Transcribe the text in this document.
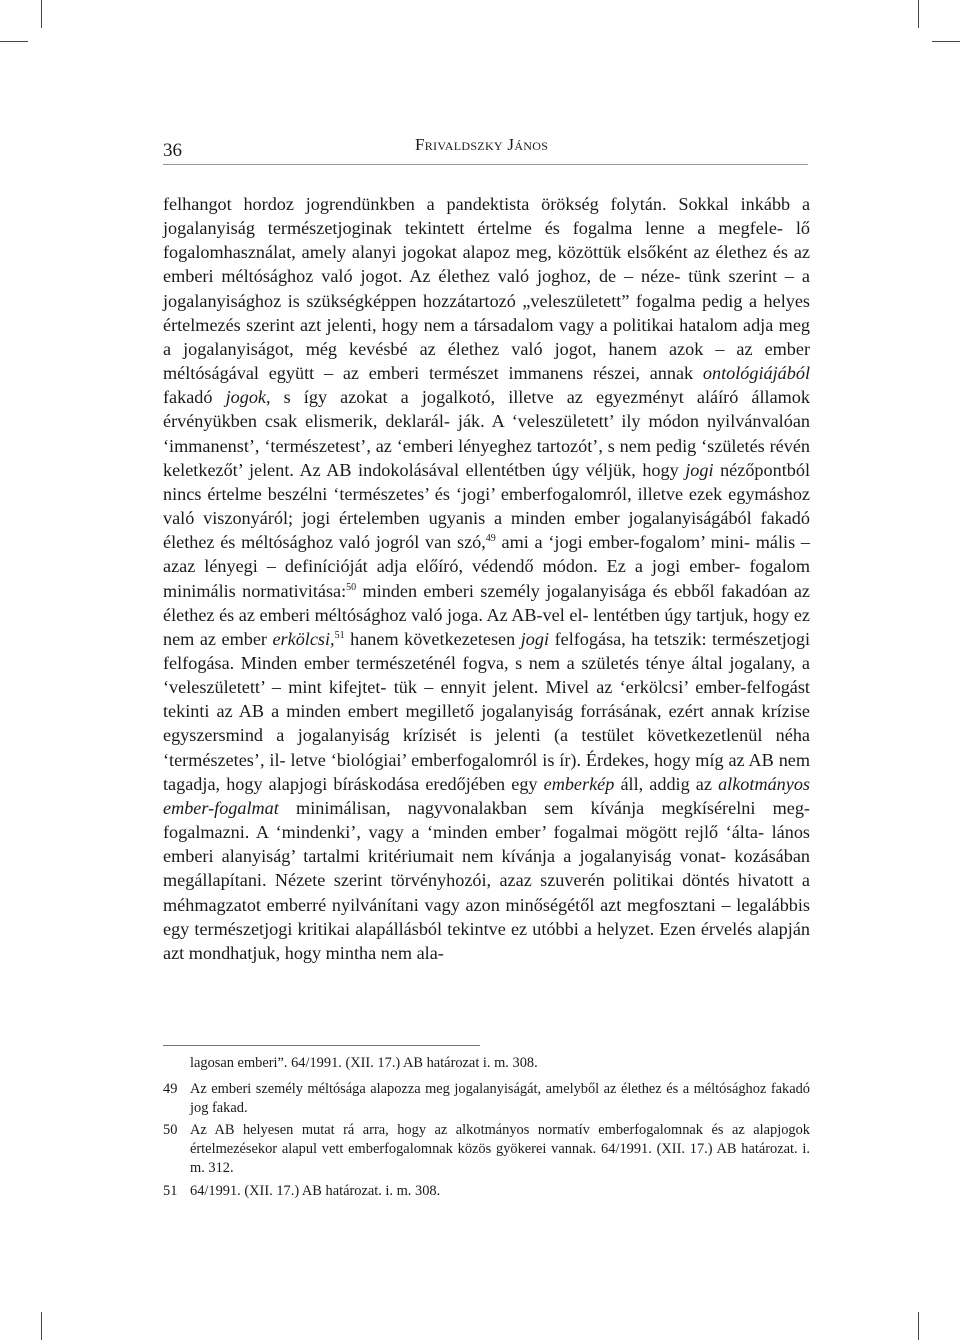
36	Frivaldszky János

felhangot hordoz jogrendünkben a pandektista örökség folytán. Sokkal inkább a jogalanyiság természetjoginak tekintett értelme és fogalma lenne a megfele- lő fogalomhasználat, amely alanyi jogokat alapoz meg, közöttük elsőként az élethez és az emberi méltósághoz való jogot. Az élethez való joghoz, de – néze- tünk szerint – a jogalanyisághoz is szükségképpen hozzátartozó „veleszületett” fogalma pedig a helyes értelmezés szerint azt jelenti, hogy nem a társadalom vagy a politikai hatalom adja meg a jogalanyiságot, még kevésbé az élethez való jogot, hanem azok – az ember méltóságával együtt – az emberi természet immanens részei, annak ontológiájából fakadó jogok, s így azokat a jogalkotó, illetve az egyezményt aláíró államok érvényükben csak elismerik, deklarál- ják. A ‘veleszületett’ ily módon nyilvánvalóan ‘immanenst’, ‘természetest’, az ‘emberi lényeghez tartozót’, s nem pedig ‘születés révén keletkezőt’ jelent. Az AB indokolásával ellentétben úgy véljük, hogy jogi nézőpontból nincs értelme beszélni ‘természetes’ és ‘jogi’ emberfogalomról, illetve ezek egymáshoz való viszonyáról; jogi értelemben ugyanis a minden ember jogalanyiságából fakadó élethez és méltósághoz való jogról van szó,$^{49}$ ami a ‘jogi ember-fogalom’ mini- mális – azaz lényegi – definícióját adja előíró, védendő módon. Ez a jogi ember- fogalom minimális normativitása:$^{50}$ minden emberi személy jogalanyisága és ebből fakadóan az élethez és az emberi méltósághoz való joga. Az AB-vel el- lentétben úgy tartjuk, hogy ez nem az ember erkölcsi,$^{51}$ hanem következetesen jogi felfogása, ha tetszik: természetjogi felfogása. Minden ember természeténél fogva, s nem a születés ténye által jogalany, a ‘veleszületett’ – mint kifejtet- tük – ennyit jelent. Mivel az ‘erkölcsi’ ember-felfogást tekinti az AB a minden embert megillető jogalanyiság forrásának, ezért annak krízise egyszersmind a jogalanyiság krízisét is jelenti (a testület következetlenül néha ‘természetes’, il- letve ‘biológiai’ emberfogalomról is ír). Érdekes, hogy míg az AB nem tagadja, hogy alapjogi bíráskodása eredőjében egy emberkép áll, addig az alkotmányos ember-fogalmat minimálisan, nagyvonalakban sem kívánja megkísérelni meg- fogalmazni. A ‘mindenki’, vagy a ‘minden ember’ fogalmai mögött rejlő ‘álta- lános emberi alanyiság’ tartalmi kritériumait nem kívánja a jogalanyiság vonat- kozásában megállapítani. Nézete szerint törvényhozói, azaz szuverén politikai döntés hivatott a méhmagzatot emberré nyilvánítani vagy azon minőségétől azt megfosztani – legalábbis egy természetjogi kritikai alapállásból tekintve ez utóbbi a helyzet. Ezen érvelés alapján azt mondhatjuk, hogy mintha nem ala-

lagosan emberi”. 64/1991. (XII. 17.) AB határozat i. m. 308.
49 Az emberi személy méltósága alapozza meg jogalanyiságát, amelyből az élethez és a méltósághoz fakadó jog fakad.
50 Az AB helyesen mutat rá arra, hogy az alkotmányos normatív emberfogalomnak és az alapjogok értelmezésekor alapul vett emberfogalomnak közös gyökerei vannak. 64/1991. (XII. 17.) AB határozat. i. m. 312.
51 64/1991. (XII. 17.) AB határozat. i. m. 308.
